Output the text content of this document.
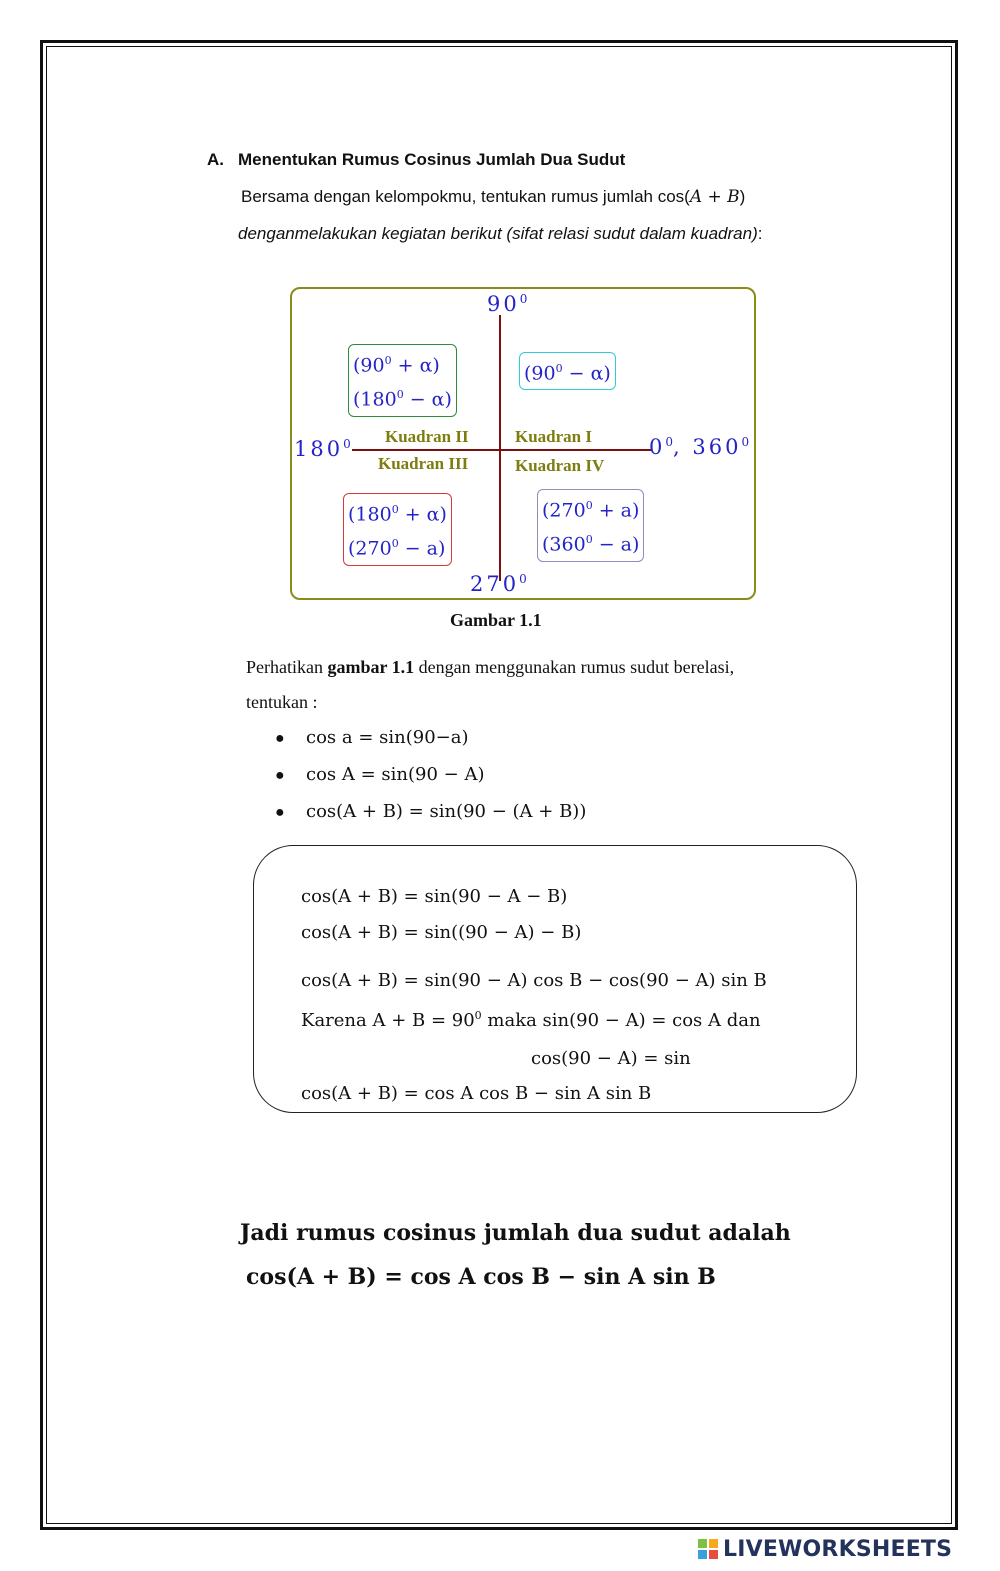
A. Menentukan Rumus Cosinus Jumlah Dua Sudut
Bersama dengan kelompokmu, tentukan rumus jumlah cos(A + B)
denganmelakukan kegiatan berikut (sifat relasi sudut dalam kuadran):
$90^0$
$180^0$	$0^0$, $360^0$
$270^0$
Kuadran II	Kuadran I
Kuadran III	Kuadran IV
$(90^0 + \alpha)$
$(180^0 - \alpha)$
$(90^0 - \alpha)$
$(180^0 + \alpha)$
$(270^0 - a)$
$(270^0 + a)$
$(360^0 - a)$
Gambar 1.1
Perhatikan gambar 1.1 dengan menggunakan rumus sudut berelasi,
tentukan :
● cos a = sin(90−a)
● cos A = sin(90 − A)
● cos(A + B) = sin(90 − (A + B))
cos(A + B) = sin(90 − A − B)
cos(A + B) = sin((90 − A) − B)
cos(A + B) = sin(90 − A) cos B − cos(90 − A) sin B
Karena $A + B = 90^0$ maka sin(90 − A) = cos A dan
cos(90 − A) = sin
cos(A + B) = cos A cos B − sin A sin B
Jadi rumus cosinus jumlah dua sudut adalah
cos(A + B) = cos A cos B − sin A sin B
LIVEWORKSHEETS
